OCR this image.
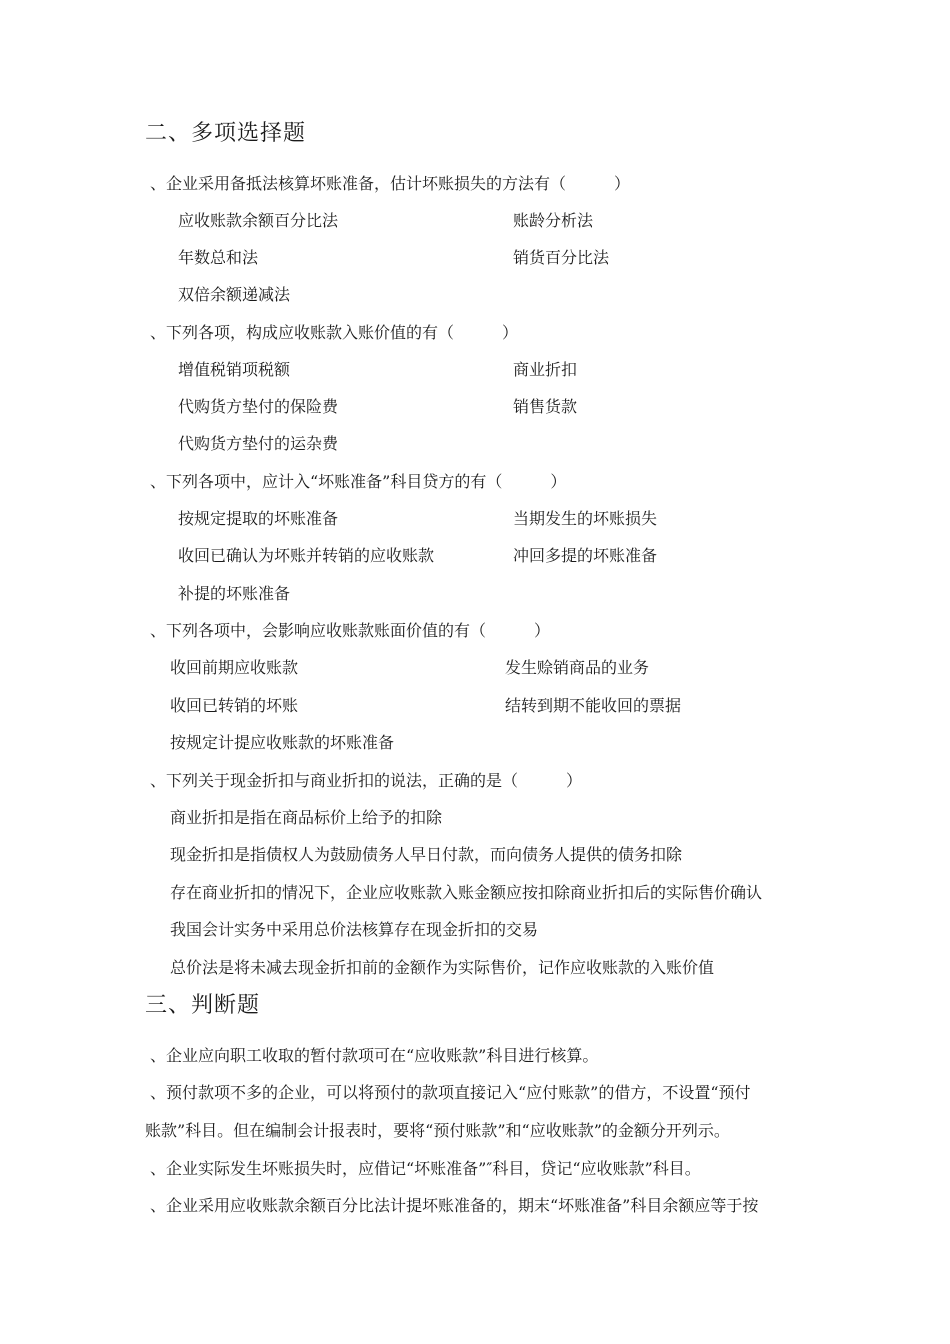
二、多项选择题
、企业采用备抵法核算坏账准备，估计坏账损失的方法有（　　　）
应收账款余额百分比法	账龄分析法
年数总和法	销货百分比法
双倍余额递减法
、下列各项，构成应收账款入账价值的有（　　　）
增值税销项税额	商业折扣
代购货方垫付的保险费	销售货款
代购货方垫付的运杂费
、下列各项中，应计入“坏账准备”科目贷方的有（　　　）
按规定提取的坏账准备	当期发生的坏账损失
收回已确认为坏账并转销的应收账款	冲回多提的坏账准备
补提的坏账准备
、下列各项中，会影响应收账款账面价值的有（　　　）
收回前期应收账款	发生赊销商品的业务
收回已转销的坏账	结转到期不能收回的票据
按规定计提应收账款的坏账准备
、下列关于现金折扣与商业折扣的说法，正确的是（　　　）
商业折扣是指在商品标价上给予的扣除
现金折扣是指债权人为鼓励债务人早日付款，而向债务人提供的债务扣除
存在商业折扣的情况下，企业应收账款入账金额应按扣除商业折扣后的实际售价确认
我国会计实务中采用总价法核算存在现金折扣的交易
总价法是将未减去现金折扣前的金额作为实际售价，记作应收账款的入账价值
三、判断题
、企业应向职工收取的暂付款项可在“应收账款”科目进行核算。
、预付款项不多的企业，可以将预付的款项直接记入“应付账款”的借方，不设置“预付
账款”科目。但在编制会计报表时，要将“预付账款”和“应收账款”的金额分开列示。
、企业实际发生坏账损失时，应借记“坏账准备”″科目，贷记“应收账款”科目。
、企业采用应收账款余额百分比法计提坏账准备的，期末“坏账准备”科目余额应等于按
